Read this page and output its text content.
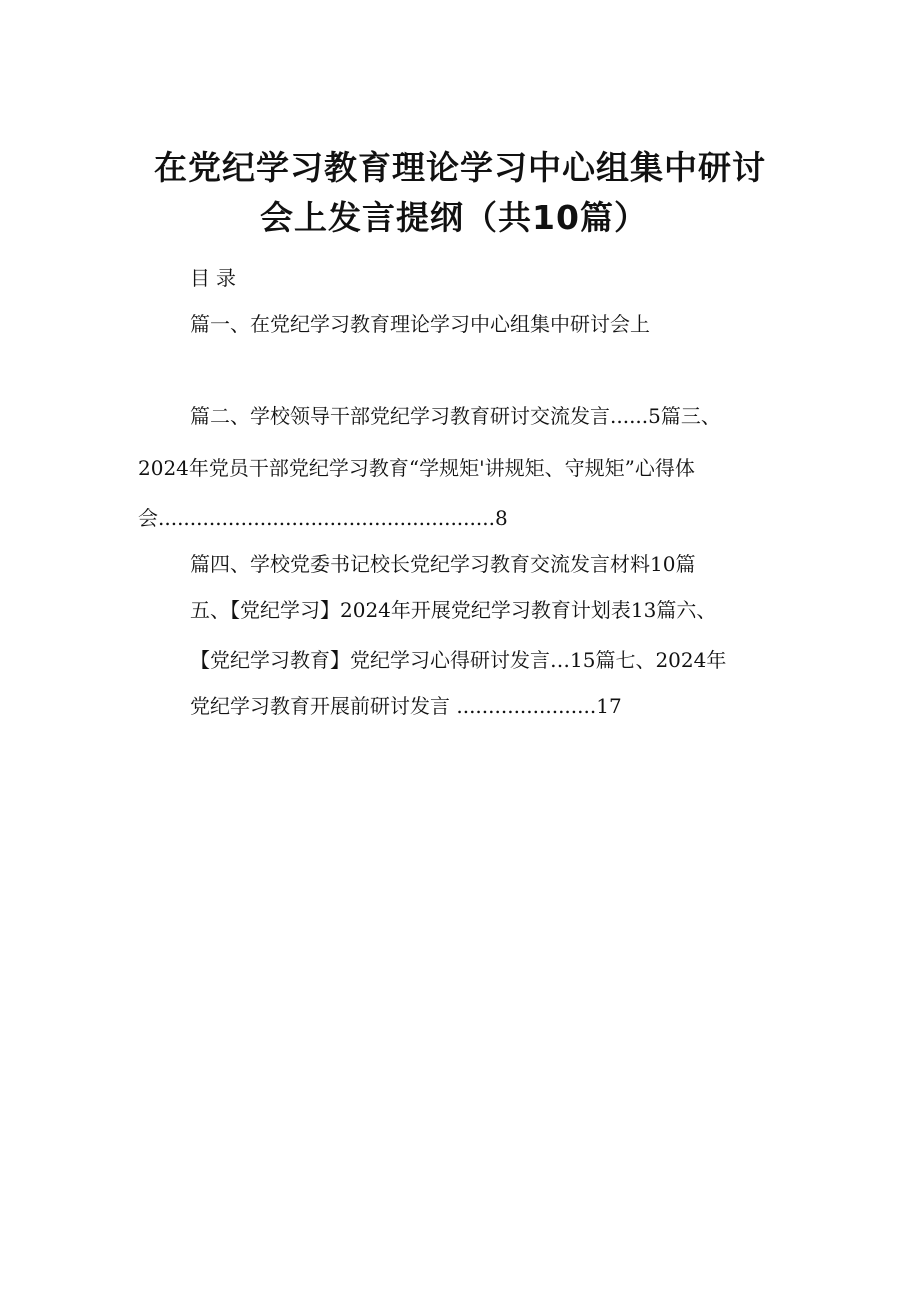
在党纪学习教育理论学习中心组集中研讨
会上发言提纲（共10篇）
目录
篇一、在党纪学习教育理论学习中心组集中研讨会上
篇二、学校领导干部党纪学习教育研讨交流发言......5篇三、
2024年党员干部党纪学习教育“学规矩'讲规矩、守规矩”心得体
会.....................................................8
篇四、学校党委书记校长党纪学习教育交流发言材料10篇
五、【党纪学习】2024年开展党纪学习教育计划表13篇六、
【党纪学习教育】党纪学习心得研讨发言…15篇七、2024年
党纪学习教育开展前研讨发言 ......................17
